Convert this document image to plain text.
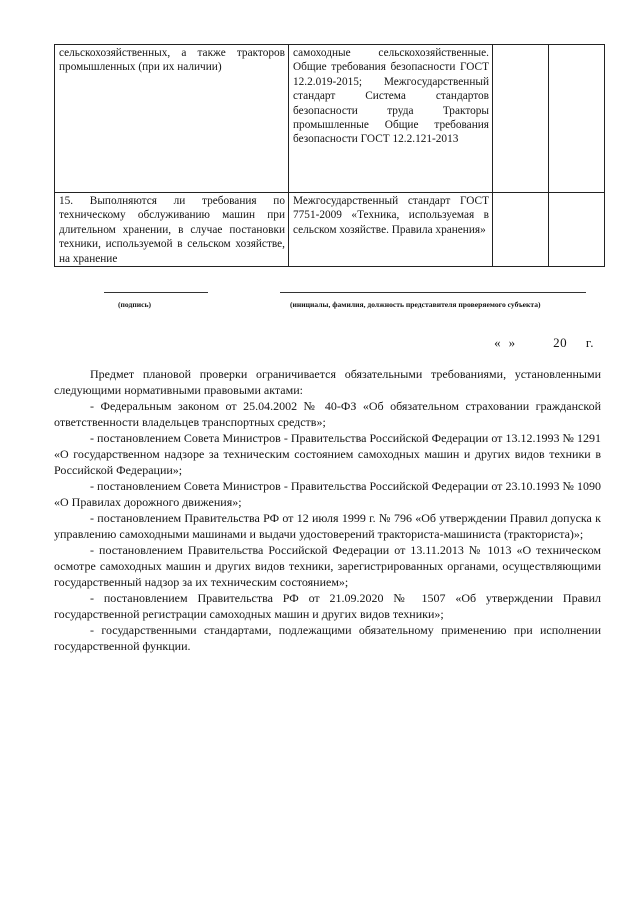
сельскохозяйственных, а также тракторов промышленных (при их наличии)	самоходные сельскохозяйственные. Общие требования безопасности ГОСТ 12.2.019-2015; Межгосударственный стандарт Система стандартов безопасности труда Тракторы промышленные Общие требования безопасности ГОСТ 12.2.121-2013		
15. Выполняются ли требования по техническому обслуживанию машин при длительном хранении, в случае постановки техники, используемой в сельском хозяйстве, на хранение	Межгосударственный стандарт ГОСТ 7751-2009 «Техника, используемая в сельском хозяйстве. Правила хранения»		
(подпись)	(инициалы, фамилия, должность представителя проверяемого субъекта)
«  »          20     г.

Предмет плановой проверки ограничивается обязательными требованиями, установленными следующими нормативными правовыми актами:

- Федеральным законом от 25.04.2002 № 40-ФЗ «Об обязательном страховании гражданской ответственности владельцев транспортных средств»;

- постановлением Совета Министров - Правительства Российской Федерации от 13.12.1993 № 1291 «О государственном надзоре за техническим состоянием самоходных машин и других видов техники в Российской Федерации»;

- постановлением Совета Министров - Правительства Российской Федерации от 23.10.1993 № 1090 «О Правилах дорожного движения»;

- постановлением Правительства РФ от 12 июля 1999 г. № 796 «Об утверждении Правил допуска к управлению самоходными машинами и выдачи удостоверений тракториста-машиниста (тракториста)»;

- постановлением Правительства Российской Федерации от 13.11.2013 № 1013 «О техническом осмотре самоходных машин и других видов техники, зарегистрированных органами, осуществляющими государственный надзор за их техническим состоянием»;

- постановлением Правительства РФ от 21.09.2020 № 1507 «Об утверждении Правил государственной регистрации самоходных машин и других видов техники»;

- государственными стандартами, подлежащими обязательному применению при исполнении государственной функции.
